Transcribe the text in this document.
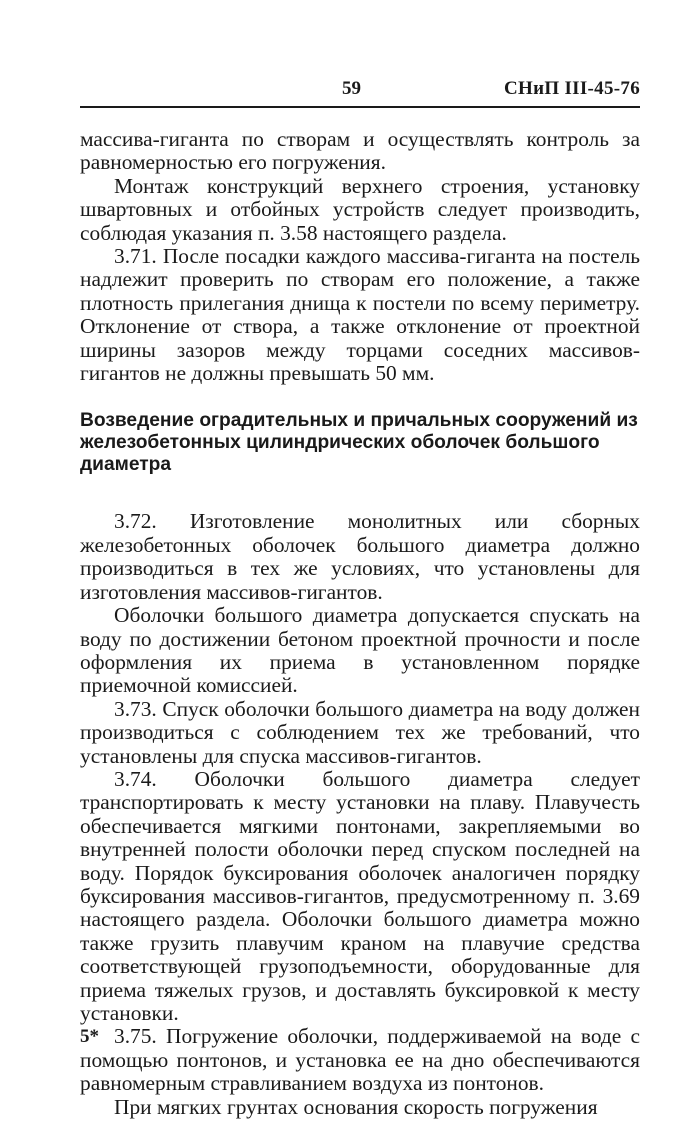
59	СНиП III-45-76

массива-гиганта по створам и осуществлять контроль за равномерностью его погружения.

Монтаж конструкций верхнего строения, установку швартовных и отбойных устройств следует производить, соблюдая указания п. 3.58 настоящего раздела.

3.71. После посадки каждого массива-гиганта на постель надлежит проверить по створам его положение, а также плотность прилегания днища к постели по всему периметру. Отклонение от створа, а также отклонение от проектной ширины зазоров между торцами соседних массивов-гигантов не должны превышать 50 мм.

Возведение оградительных и причальных сооружений из железобетонных цилиндрических оболочек большого диаметра

3.72. Изготовление монолитных или сборных железобетонных оболочек большого диаметра должно производиться в тех же условиях, что установлены для изготовления массивов-гигантов.

Оболочки большого диаметра допускается спускать на воду по достижении бетоном проектной прочности и после оформления их приема в установленном порядке приемочной комиссией.

3.73. Спуск оболочки большого диаметра на воду должен производиться с соблюдением тех же требований, что установлены для спуска массивов-гигантов.

3.74. Оболочки большого диаметра следует транспортировать к месту установки на плаву. Плавучесть обеспечивается мягкими понтонами, закрепляемыми во внутренней полости оболочки перед спуском последней на воду. Порядок буксирования оболочек аналогичен порядку буксирования массивов-гигантов, предусмотренному п. 3.69 настоящего раздела. Оболочки большого диаметра можно также грузить плавучим краном на плавучие средства соответствующей грузоподъемности, оборудованные для приема тяжелых грузов, и доставлять буксировкой к месту установки.

3.75. Погружение оболочки, поддерживаемой на воде с помощью понтонов, и установка ее на дно обеспечиваются равномерным стравливанием воздуха из понтонов.

При мягких грунтах основания скорость погружения

5*
